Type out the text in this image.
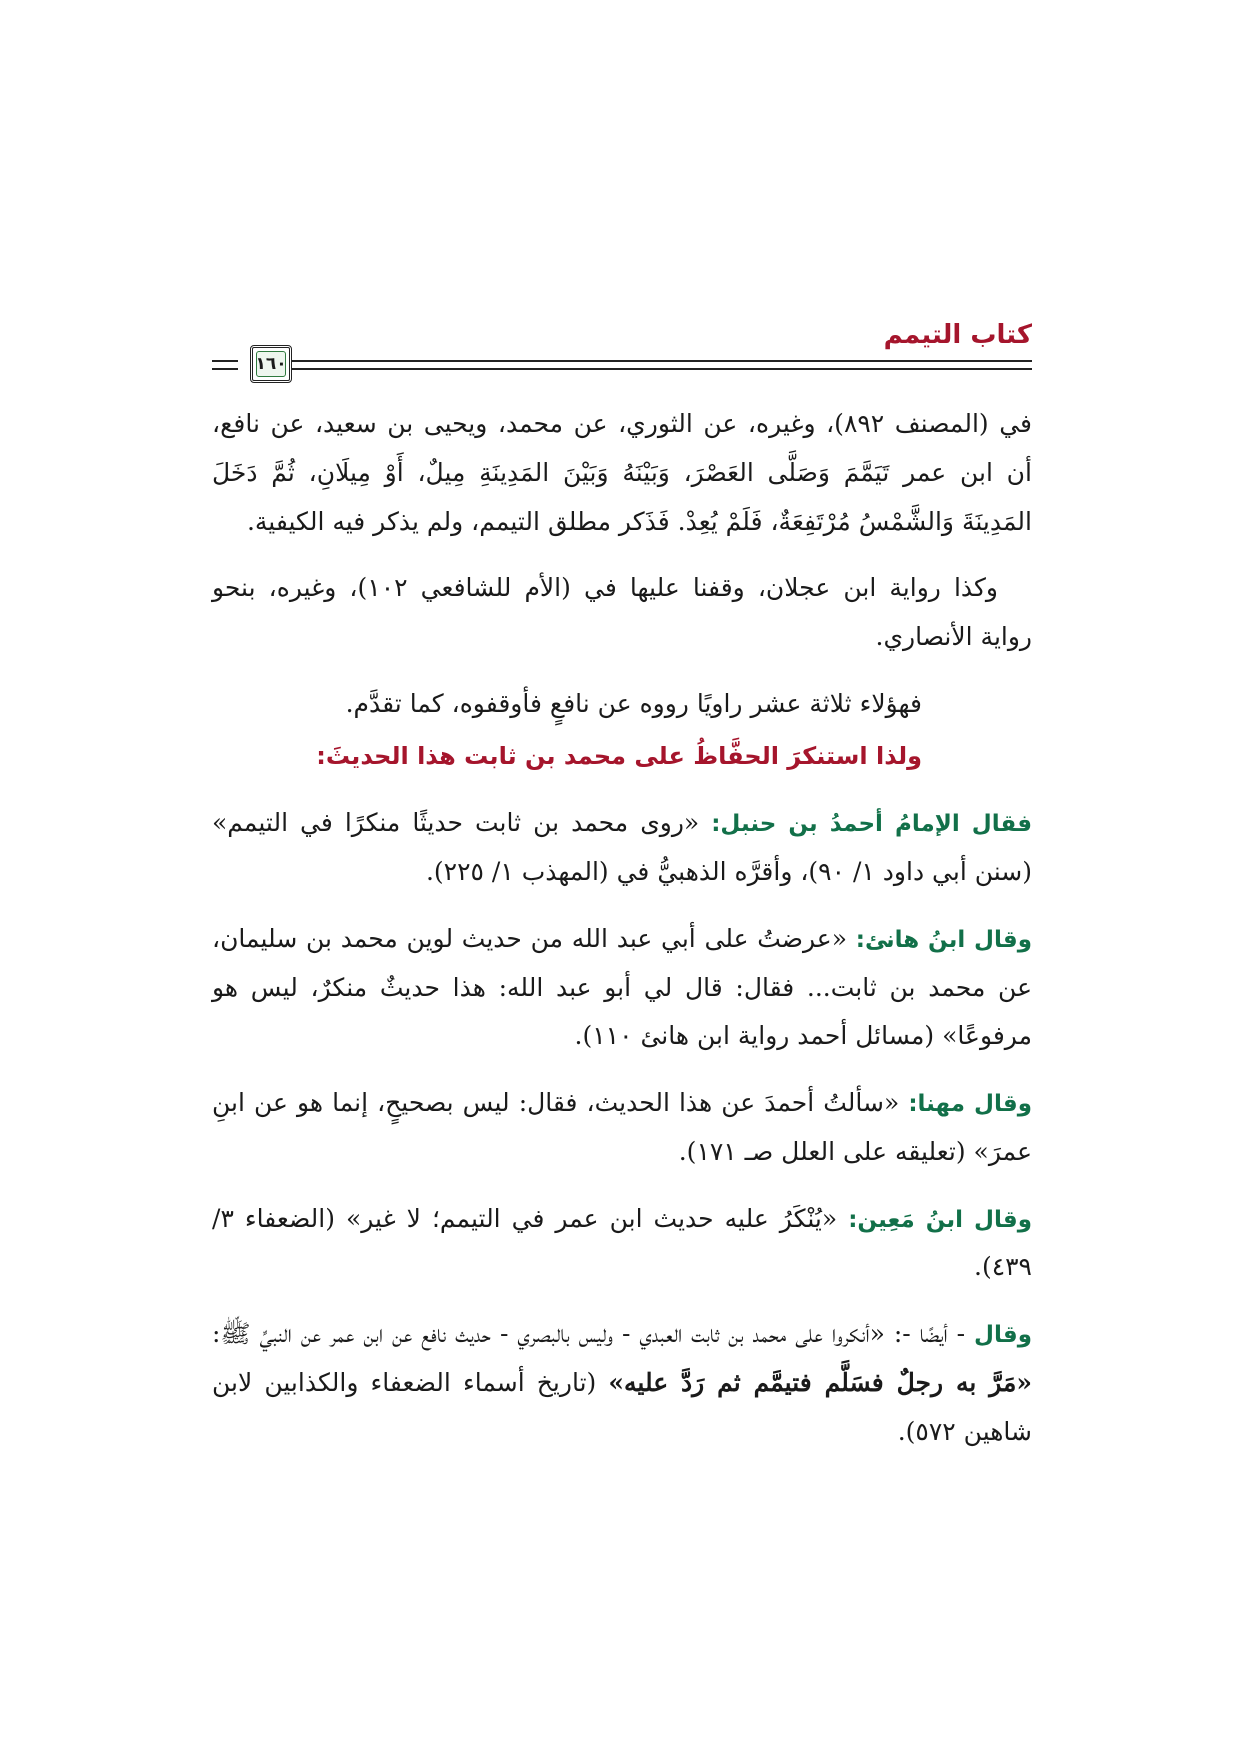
كتاب التيمم
١٦٠

في (المصنف ٨٩٢)، وغيره، عن الثوري، عن محمد، ويحيى بن سعيد، عن نافع، أن ابن عمر تَيَمَّمَ وَصَلَّى العَصْرَ، وَبَيْنَهُ وَبَيْنَ المَدِينَةِ مِيلٌ، أَوْ مِيلَانِ، ثُمَّ دَخَلَ المَدِينَةَ وَالشَّمْسُ مُرْتَفِعَةٌ، فَلَمْ يُعِدْ. فَذَكر مطلق التيمم، ولم يذكر فيه الكيفية.

وكذا رواية ابن عجلان، وقفنا عليها في (الأم للشافعي ١٠٢)، وغيره، بنحو رواية الأنصاري.

فهؤلاء ثلاثة عشر راويًا رووه عن نافعٍ فأوقفوه، كما تقدَّم.

ولذا استنكرَ الحفَّاظُ على محمد بن ثابت هذا الحديثَ:

فقال الإمامُ أحمدُ بن حنبل: «روى محمد بن ثابت حديثًا منكرًا في التيمم» (سنن أبي داود ١/ ٩٠)، وأقرَّه الذهبيُّ في (المهذب ١/ ٢٢٥).

وقال ابنُ هانئ: «عرضتُ على أبي عبد الله من حديث لوين محمد بن سليمان، عن محمد بن ثابت... فقال: قال لي أبو عبد الله: هذا حديثٌ منكرٌ، ليس هو مرفوعًا» (مسائل أحمد رواية ابن هانئ ١١٠).

وقال مهنا: «سألتُ أحمدَ عن هذا الحديث، فقال: ليس بصحيحٍ، إنما هو عن ابنِ عمرَ» (تعليقه على العلل صـ ١٧١).

وقال ابنُ مَعِين: «يُنْكَرُ عليه حديث ابن عمر في التيمم؛ لا غير» (الضعفاء ٣/ ٤٣٩).

وقال - أيضًا -: «أنكروا على محمد بن ثابت العبدي - وليس بالبصري - حديث نافع عن ابن عمر عن النبيِّ ﷺ: «مَرَّ به رجلٌ فسَلَّم فتيمَّم ثم رَدَّ عليه» (تاريخ أسماء الضعفاء والكذابين لابن شاهين ٥٧٢).
